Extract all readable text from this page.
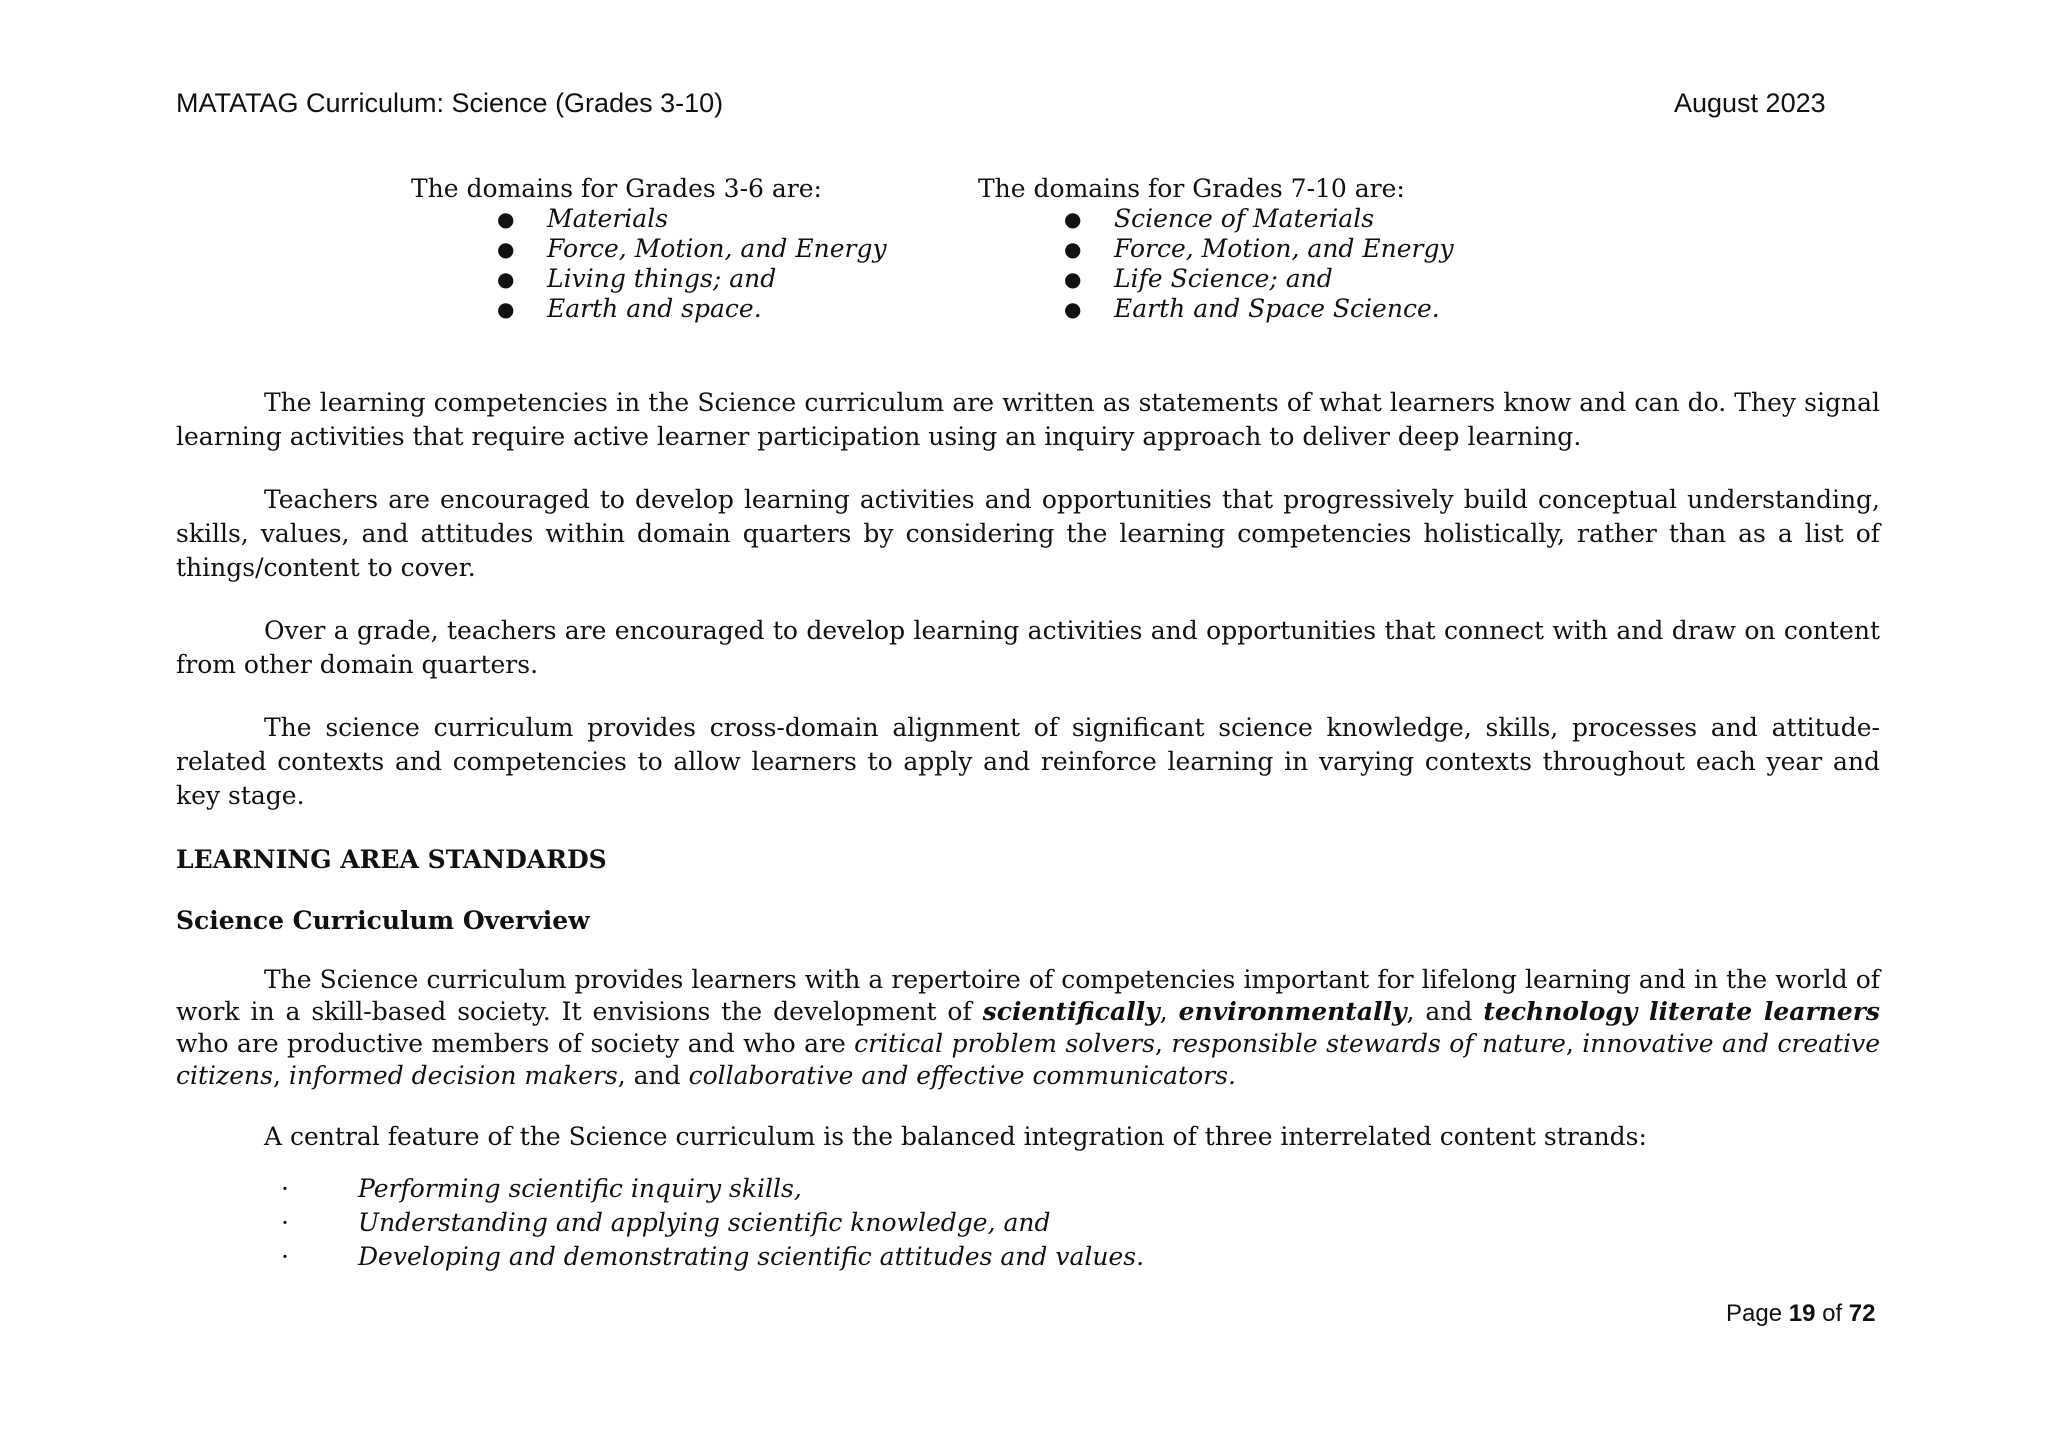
MATATAG Curriculum: Science (Grades 3-10)	August 2023
The domains for Grades 3-6 are:
● Materials
● Force, Motion, and Energy
● Living things; and
● Earth and space.
The domains for Grades 7-10 are:
● Science of Materials
● Force, Motion, and Energy
● Life Science; and
● Earth and Space Science.

The learning competencies in the Science curriculum are written as statements of what learners know and can do. They signal learning activities that require active learner participation using an inquiry approach to deliver deep learning.

Teachers are encouraged to develop learning activities and opportunities that progressively build conceptual understanding, skills, values, and attitudes within domain quarters by considering the learning competencies holistically, rather than as a list of things/content to cover.

Over a grade, teachers are encouraged to develop learning activities and opportunities that connect with and draw on content from other domain quarters.

The science curriculum provides cross-domain alignment of significant science knowledge, skills, processes and attitude-related contexts and competencies to allow learners to apply and reinforce learning in varying contexts throughout each year and key stage.

LEARNING AREA STANDARDS
Science Curriculum Overview

The Science curriculum provides learners with a repertoire of competencies important for lifelong learning and in the world of work in a skill-based society. It envisions the development of scientifically, environmentally, and technology literate learners who are productive members of society and who are critical problem solvers, responsible stewards of nature, innovative and creative citizens, informed decision makers, and collaborative and effective communicators.

A central feature of the Science curriculum is the balanced integration of three interrelated content strands:

·	Performing scientific inquiry skills,
·	Understanding and applying scientific knowledge, and
·	Developing and demonstrating scientific attitudes and values.
Page 19 of 72
